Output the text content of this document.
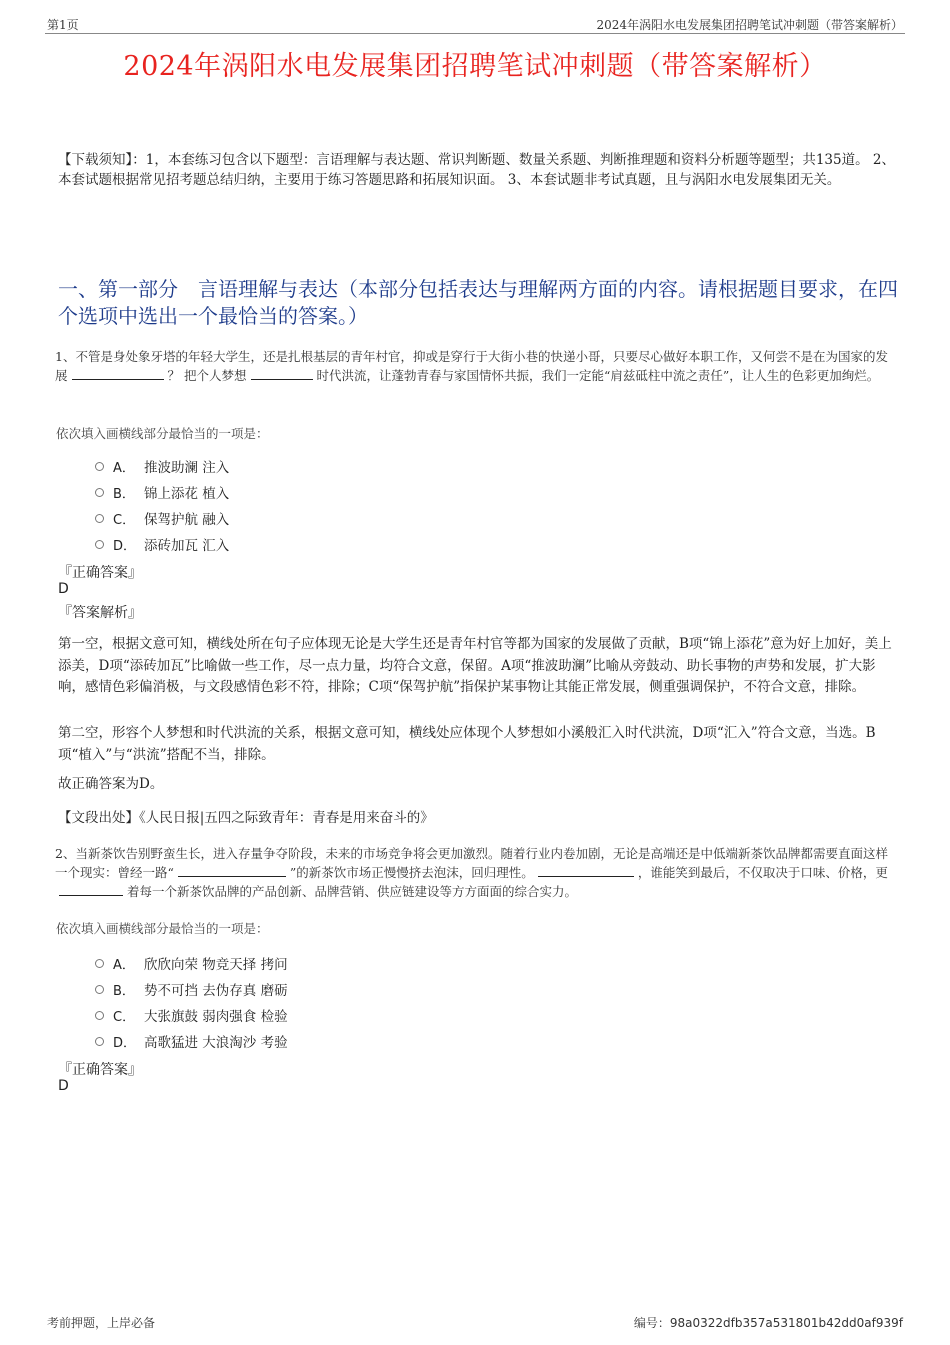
第1页	2024年涡阳水电发展集团招聘笔试冲刺题（带答案解析）
2024年涡阳水电发展集团招聘笔试冲刺题（带答案解析）
【下载须知】：1，本套练习包含以下题型：言语理解与表达题、常识判断题、数量关系题、判断推理题和资料分析题等题型；共135道。 2、本套试题根据常见招考题总结归纳，主要用于练习答题思路和拓展知识面。 3、本套试题非考试真题，且与涡阳水电发展集团无关。
一、第一部分　言语理解与表达（本部分包括表达与理解两方面的内容。请根据题目要求，在四个选项中选出一个最恰当的答案。）
1、不管是身处象牙塔的年轻大学生，还是扎根基层的青年村官，抑或是穿行于大街小巷的快递小哥，只要尽心做好本职工作，又何尝不是在为国家的发展	？ 把个人梦想	时代洪流，让蓬勃青春与家国情怀共振，我们一定能“肩兹砥柱中流之责任”，让人生的色彩更加绚烂。
依次填入画横线部分最恰当的一项是：
A． 推波助澜 注入
B． 锦上添花 植入
C． 保驾护航 融入
D． 添砖加瓦 汇入
『正确答案』
D
『答案解析』
第一空，根据文意可知，横线处所在句子应体现无论是大学生还是青年村官等都为国家的发展做了贡献，B项“锦上添花”意为好上加好，美上添美，D项“添砖加瓦”比喻做一些工作，尽一点力量，均符合文意，保留。A项“推波助澜”比喻从旁鼓动、助长事物的声势和发展，扩大影响，感情色彩偏消极，与文段感情色彩不符，排除；C项“保驾护航”指保护某事物让其能正常发展，侧重强调保护，不符合文意，排除。
第二空，形容个人梦想和时代洪流的关系，根据文意可知，横线处应体现个人梦想如小溪般汇入时代洪流，D项“汇入”符合文意，当选。B项“植入”与“洪流”搭配不当，排除。
故正确答案为D。
【文段出处】《人民日报|五四之际致青年：青春是用来奋斗的》
2、当新茶饮告别野蛮生长，进入存量争夺阶段，未来的市场竞争将会更加激烈。随着行业内卷加剧，无论是高端还是中低端新茶饮品牌都需要直面这样一个现实：曾经一路“	”的新茶饮市场正慢慢挤去泡沫，回归理性。	，谁能笑到最后，不仅取决于口味、价格，更着每一个新茶饮品牌的产品创新、品牌营销、供应链建设等方方面面的综合实力。
依次填入画横线部分最恰当的一项是：
A． 欣欣向荣 物竞天择 拷问
B． 势不可挡 去伪存真 磨砺
C． 大张旗鼓 弱肉强食 检验
D． 高歌猛进 大浪淘沙 考验
『正确答案』
D
考前押题，上岸必备	编号：98a0322dfb357a531801b42dd0af939f
